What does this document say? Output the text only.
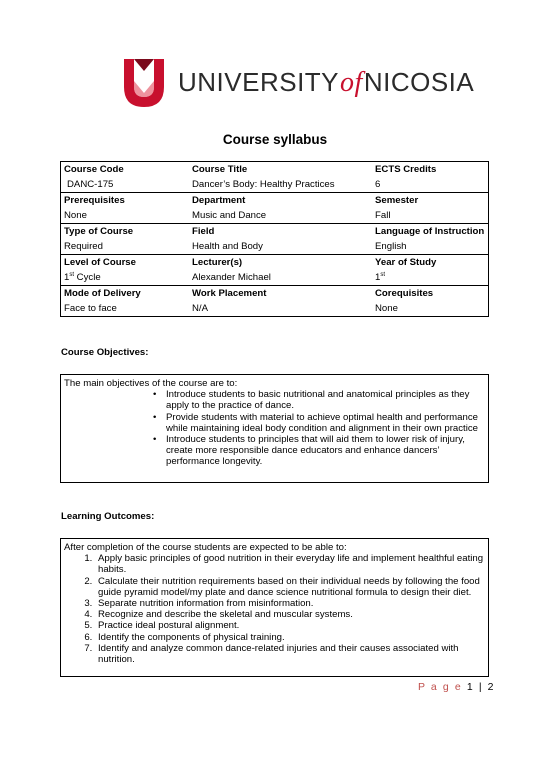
UNIVERSITYofNICOSIA
Course syllabus
Course Code	Course Title	ECTS Credits
DANC-175	Dancer’s Body: Healthy Practices	6
Prerequisites	Department	Semester
None	Music and Dance	Fall
Type of Course	Field	Language of Instruction
Required	Health and Body	English
Level of Course	Lecturer(s)	Year of Study
1st Cycle	Alexander Michael	1st
Mode of Delivery	Work Placement	Corequisites
Face to face	N/A	None
Course Objectives:
The main objectives of the course are to:
• Introduce students to basic nutritional and anatomical principles as they apply to the practice of dance.
• Provide students with material to achieve optimal health and performance while maintaining ideal body condition and alignment in their own practice
• Introduce students to principles that will aid them to lower risk of injury, create more responsible dance educators and enhance dancers’ performance longevity.
Learning Outcomes:
After completion of the course students are expected to be able to:
1. Apply basic principles of good nutrition in their everyday life and implement healthful eating habits.
2. Calculate their nutrition requirements based on their individual needs by following the food guide pyramid model/my plate and dance science nutritional formula to design their diet.
3. Separate nutrition information from misinformation.
4. Recognize and describe the skeletal and muscular systems.
5. Practice ideal postural alignment.
6. Identify the components of physical training.
7. Identify and analyze common dance-related injuries and their causes associated with nutrition.
P a g e 1 | 2
